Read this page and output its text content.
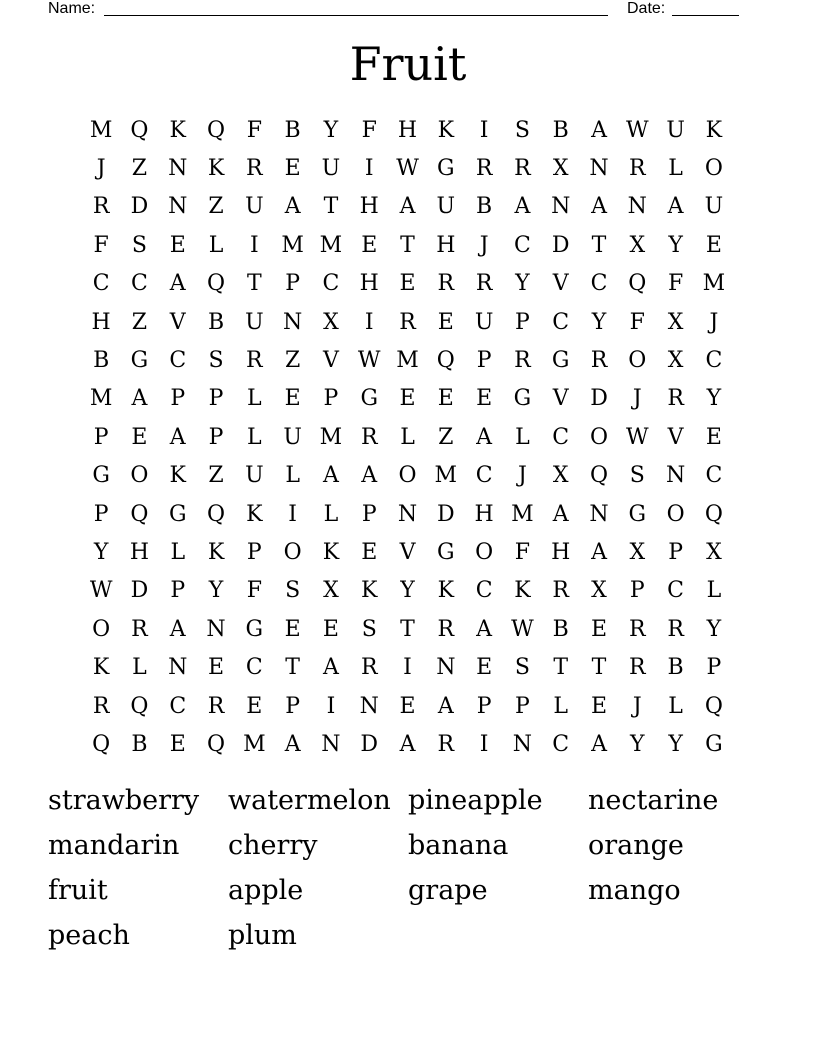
Name:	Date:
Fruit
M Q K Q F	B	Y	F H K	I	S	B	A W U K
J	Z N K R E U	I	W G R R	X N R	L O
R D N Z U A	T H A U B	A N A N A U
F	S	E	L	I	M M E	T H	J	C D	T	X	Y	E
C C A Q T	P	C H E R R	Y	V C Q F M
H Z	V	B U N X	I	R E U P	C	Y	F	X	J
B G C	S	R	Z	V W M Q P	R G R O X	C
M A	P	P	L	E	P	G E	E	E G V D	J	R	Y
P	E	A	P	L U M R	L	Z	A	L	C O W V	E
G O K	Z U L	A	A O M C	J	X Q S N C
P Q G Q K	I	L	P N D H M A N G O Q
Y H L	K	P O K	E	V G O F H A	X	P	X
W D	P	Y	F	S	X	K	Y	K C K R	X	P	C	L
O R	A N G E	E	S	T	R	A W B	E R R	Y
K	L N E C	T	A	R	I	N E	S	T	T	R B	P
R Q C R E	P	I	N E	A	P	P	L	E	J	L Q
Q B	E Q M A N D A	R	I	N C A	Y	Y	G
strawberry	watermelon pineapple	nectarine
mandarin	cherry	banana	orange
fruit	apple	grape	mango
peach	plum
